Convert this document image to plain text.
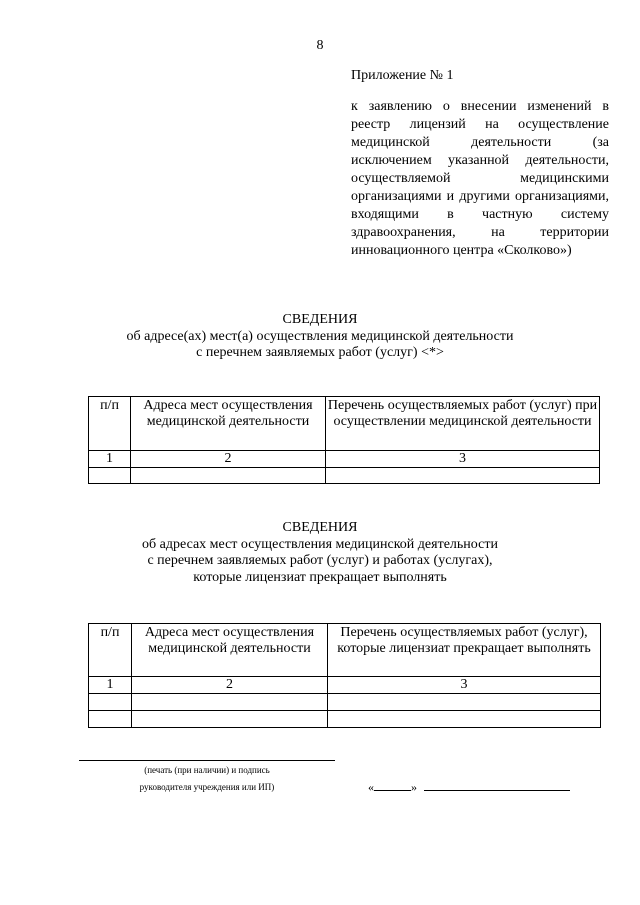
8
Приложение № 1
к заявлению о внесении изменений в реестр лицензий на осуществление медицинской деятельности (за исключением указанной деятельности, осуществляемой медицинскими организациями и другими организациями, входящими в частную систему здравоохранения, на территории инновационного центра «Сколково»)
СВЕДЕНИЯ
об адресе(ах) мест(а) осуществления медицинской деятельности
с перечнем заявляемых работ (услуг) <*>
п/п	Адреса мест осуществления медицинской деятельности	Перечень осуществляемых работ (услуг) при осуществлении медицинской деятельности
1	2	3

СВЕДЕНИЯ
об адресах мест осуществления медицинской деятельности
с перечнем заявляемых работ (услуг) и работах (услугах),
которые лицензиат прекращает выполнять
п/п	Адреса мест осуществления медицинской деятельности	Перечень осуществляемых работ (услуг), которые лицензиат прекращает выполнять
1	2	3

(печать (при наличии) и подпись
руководителя учреждения или ИП)	«	»
